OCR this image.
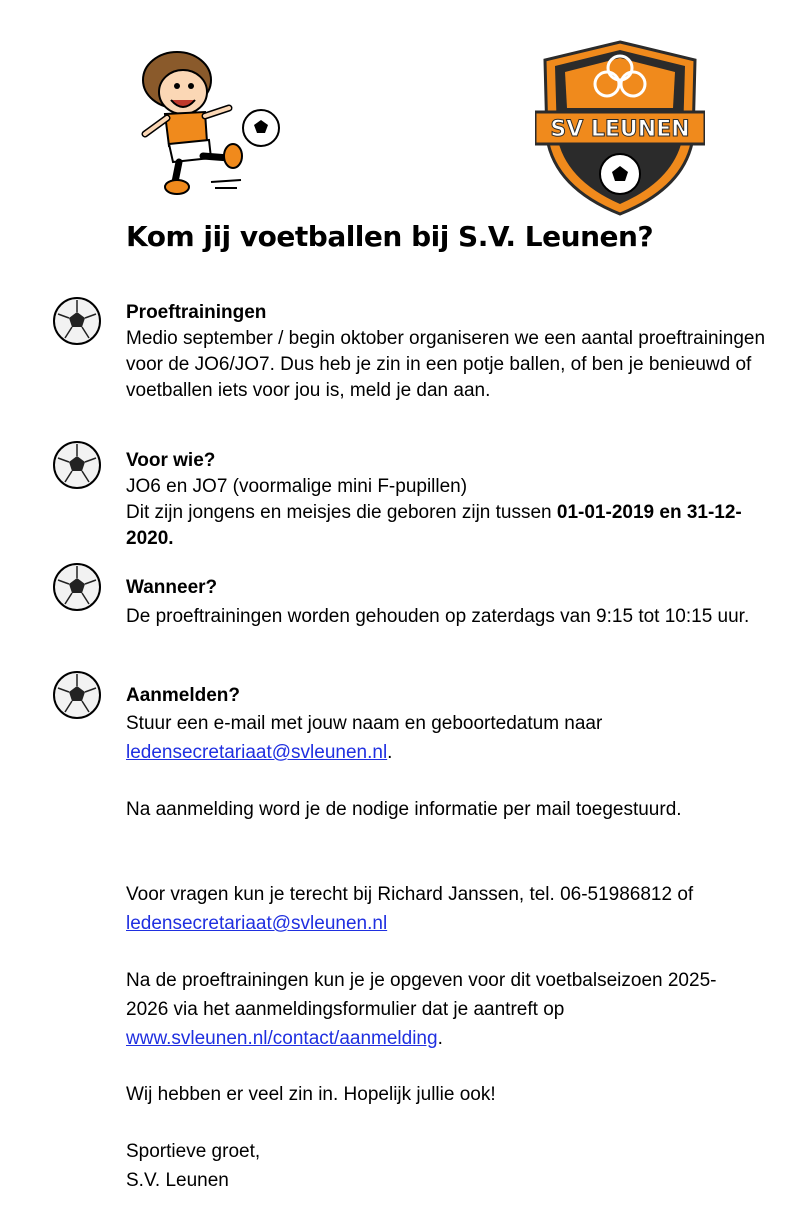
SV LEUNEN
Kom jij voetballen bij S.V. Leunen?

Proeftrainingen

Medio september / begin oktober organiseren we een aantal proeftrainingen voor de JO6/JO7. Dus heb je zin in een potje ballen, of ben je benieuwd of voetballen iets voor jou is, meld je dan aan.

Voor wie?

JO6 en JO7 (voormalige mini F-pupillen)

Dit zijn jongens en meisjes die geboren zijn tussen 01-01-2019 en 31-12-2020.

Wanneer?

De proeftrainingen worden gehouden op zaterdags van 9:15 tot 10:15 uur.

Aanmelden?

Stuur een e-mail met jouw naam en geboortedatum naar
ledensecretariaat@svleunen.nl.

Na aanmelding word je de nodige informatie per mail toegestuurd.

Voor vragen kun je terecht bij Richard Janssen, tel. 06-51986812 of ledensecretariaat@svleunen.nl

Na de proeftrainingen kun je je opgeven voor dit voetbalseizoen 2025-2026 via het aanmeldingsformulier dat je aantreft op www.svleunen.nl/contact/aanmelding.

Wij hebben er veel zin in. Hopelijk jullie ook!

Sportieve groet,

S.V. Leunen
